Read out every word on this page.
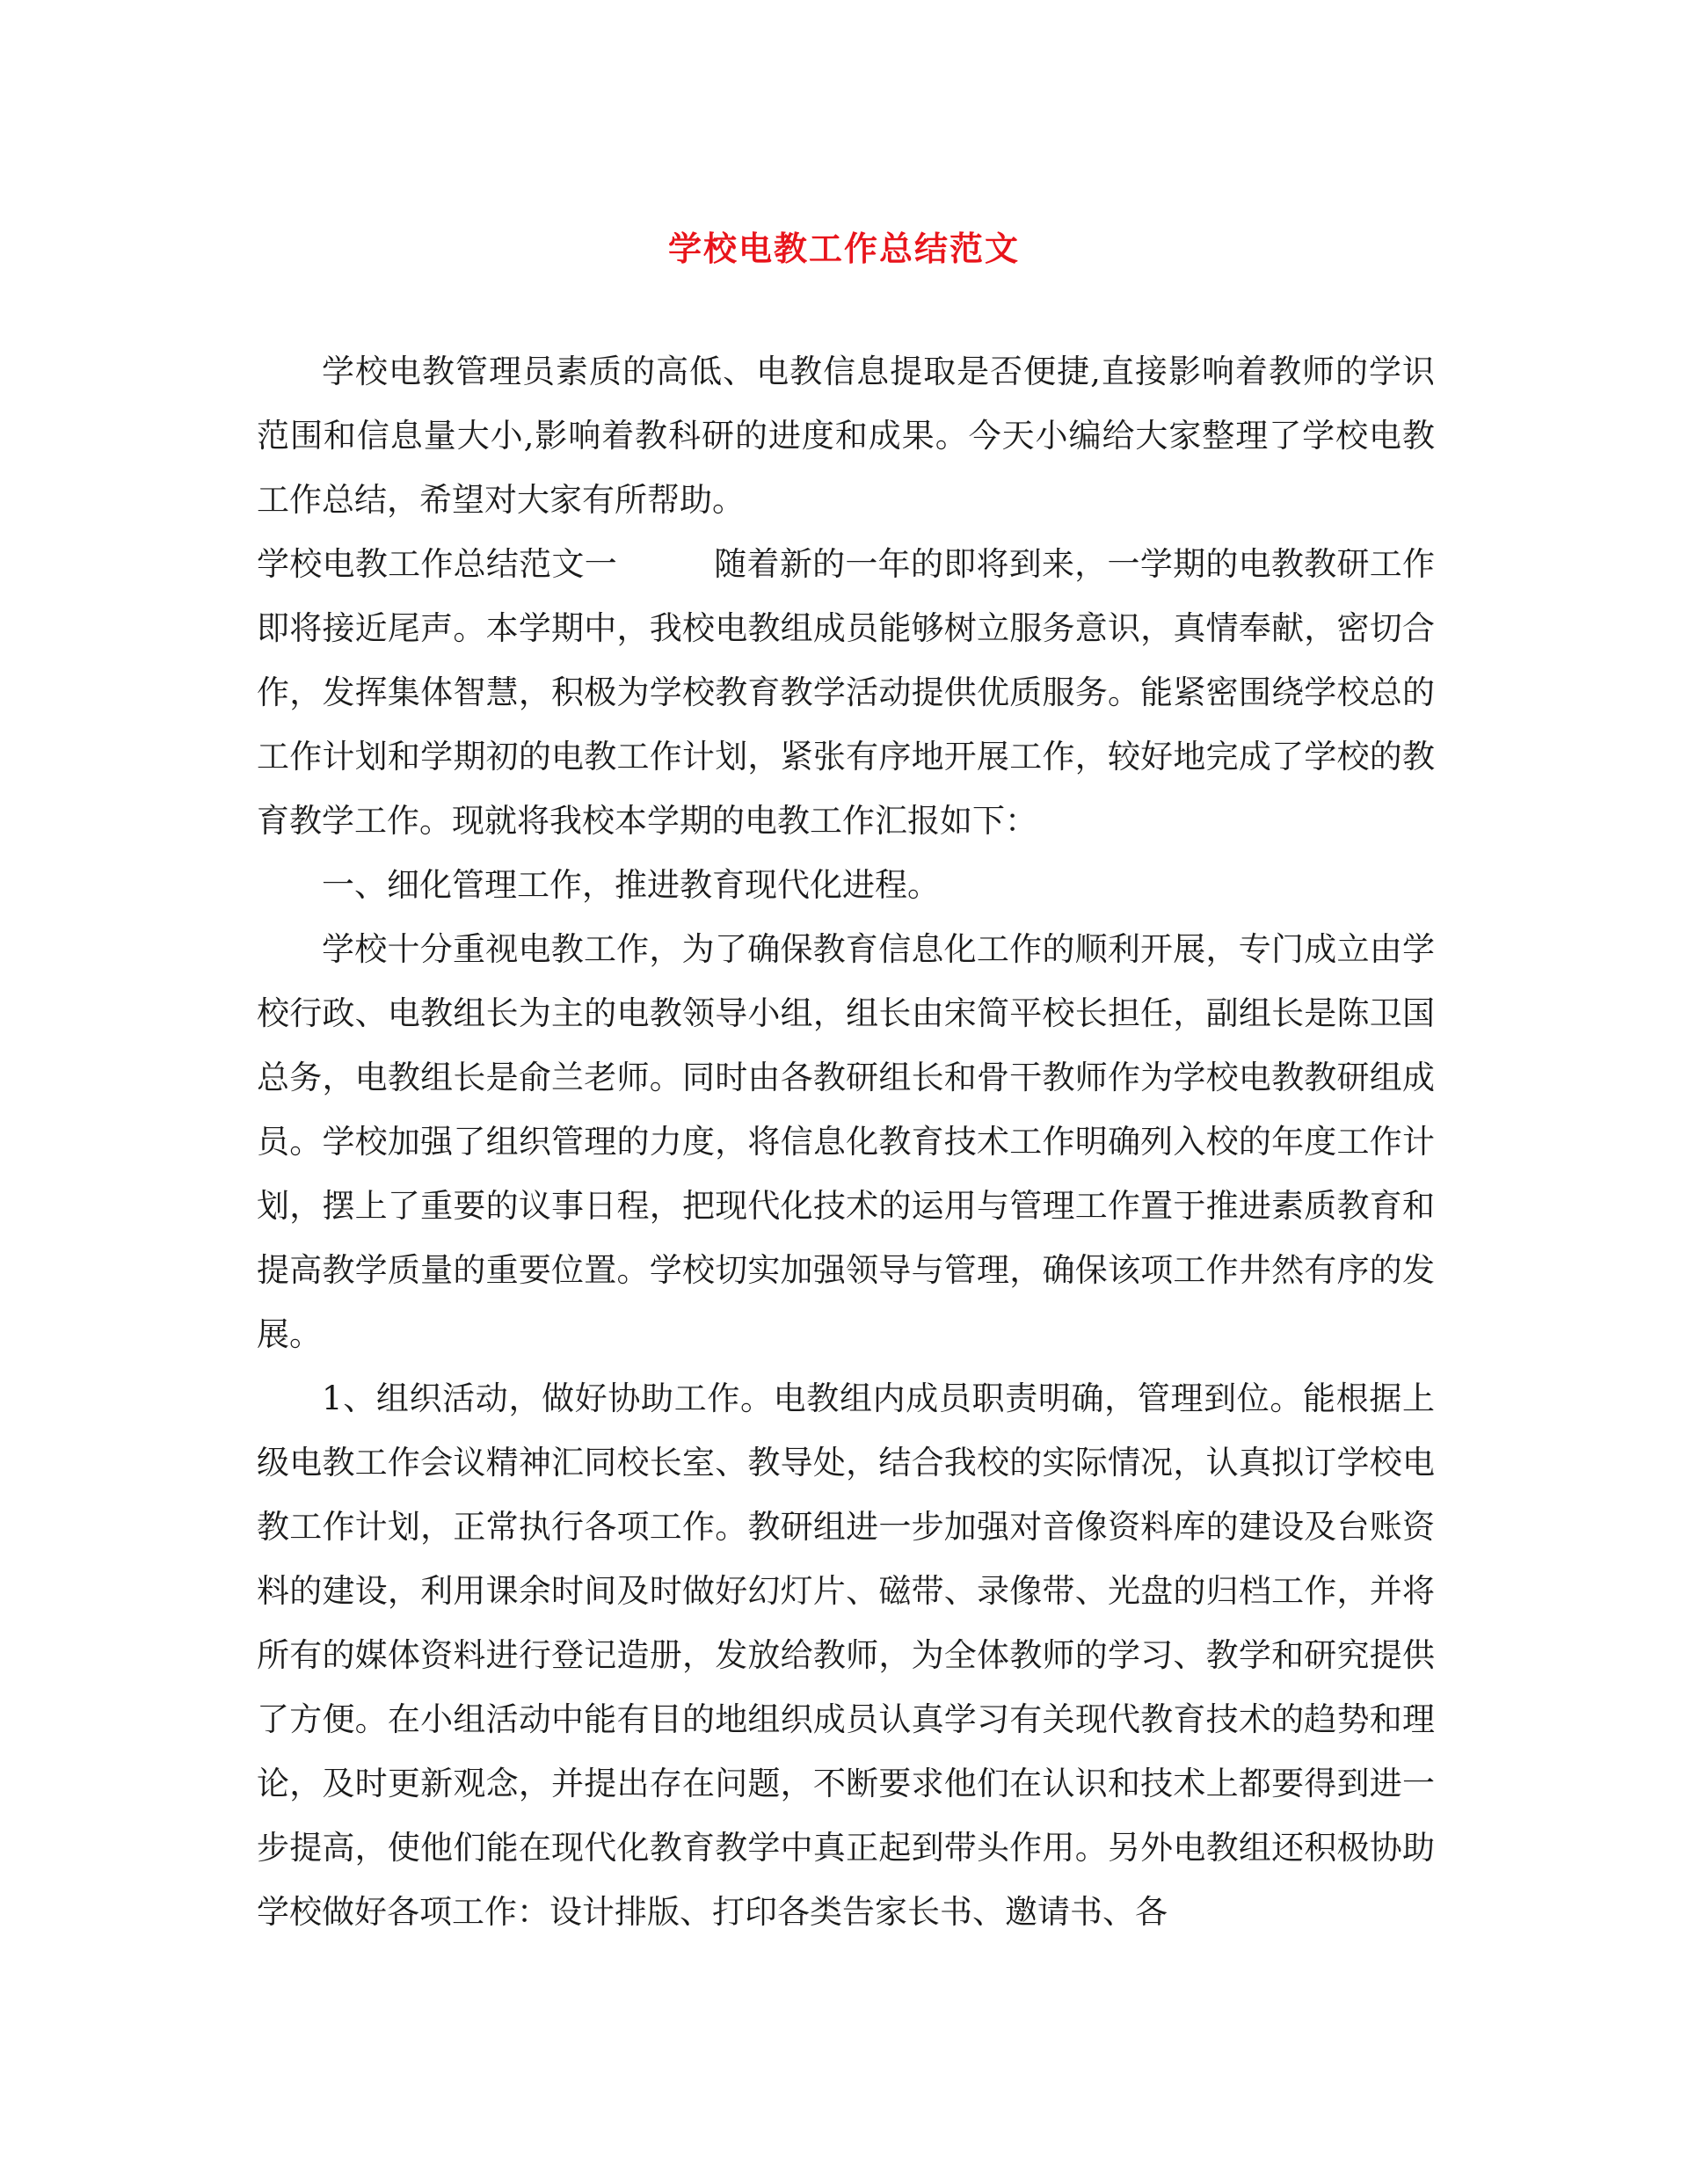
学校电教工作总结范文

学校电教管理员素质的高低、电教信息提取是否便捷,直接影响着教师的学识范围和信息量大小,影响着教科研的进度和成果。今天小编给大家整理了学校电教工作总结，希望对大家有所帮助。

学校电教工作总结范文一	随着新的一年的即将到来，一学期的电教教研工作即将接近尾声。本学期中，我校电教组成员能够树立服务意识，真情奉献，密切合作，发挥集体智慧，积极为学校教育教学活动提供优质服务。能紧密围绕学校总的工作计划和学期初的电教工作计划，紧张有序地开展工作，较好地完成了学校的教育教学工作。现就将我校本学期的电教工作汇报如下：

一、细化管理工作，推进教育现代化进程。

学校十分重视电教工作，为了确保教育信息化工作的顺利开展，专门成立由学校行政、电教组长为主的电教领导小组，组长由宋简平校长担任，副组长是陈卫国总务，电教组长是俞兰老师。同时由各教研组长和骨干教师作为学校电教教研组成员。学校加强了组织管理的力度，将信息化教育技术工作明确列入校的年度工作计划，摆上了重要的议事日程，把现代化技术的运用与管理工作置于推进素质教育和提高教学质量的重要位置。学校切实加强领导与管理，确保该项工作井然有序的发展。

1、组织活动，做好协助工作。电教组内成员职责明确，管理到位。能根据上级电教工作会议精神汇同校长室、教导处，结合我校的实际情况，认真拟订学校电教工作计划，正常执行各项工作。教研组进一步加强对音像资料库的建设及台账资料的建设，利用课余时间及时做好幻灯片、磁带、录像带、光盘的归档工作，并将所有的媒体资料进行登记造册，发放给教师，为全体教师的学习、教学和研究提供了方便。在小组活动中能有目的地组织成员认真学习有关现代教育技术的趋势和理论，及时更新观念，并提出存在问题，不断要求他们在认识和技术上都要得到进一步提高，使他们能在现代化教育教学中真正起到带头作用。另外电教组还积极协助学校做好各项工作：设计排版、打印各类告家长书、邀请书、各
